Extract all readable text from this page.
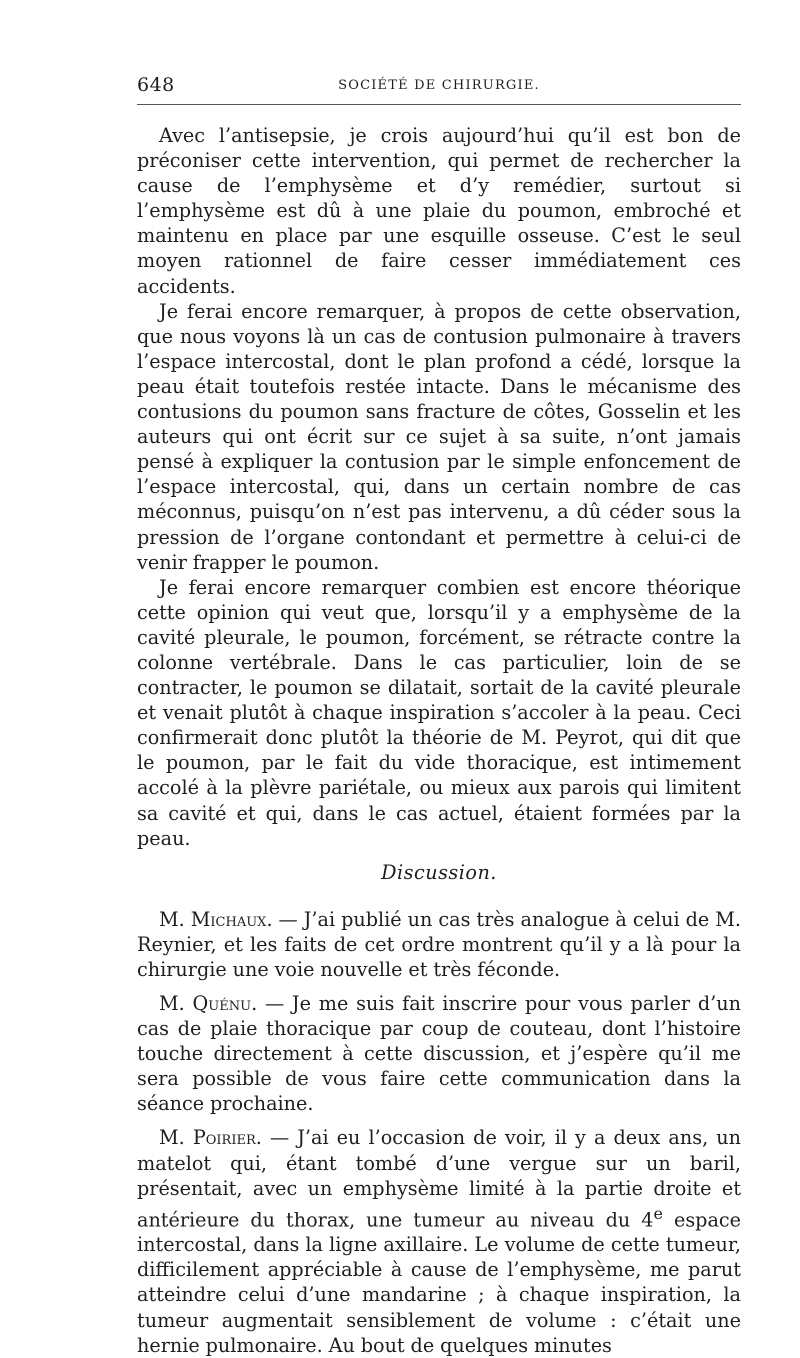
648	SOCIÉTÉ DE CHIRURGIE.

Avec l’antisepsie, je crois aujourd’hui qu’il est bon de préconiser cette intervention, qui permet de rechercher la cause de l’emphysème et d’y remédier, surtout si l’emphysème est dû à une plaie du poumon, embroché et maintenu en place par une esquille osseuse. C’est le seul moyen rationnel de faire cesser immédiatement ces accidents.

Je ferai encore remarquer, à propos de cette observation, que nous voyons là un cas de contusion pulmonaire à travers l’espace intercostal, dont le plan profond a cédé, lorsque la peau était toutefois restée intacte. Dans le mécanisme des contusions du poumon sans fracture de côtes, Gosselin et les auteurs qui ont écrit sur ce sujet à sa suite, n’ont jamais pensé à expliquer la contusion par le simple enfoncement de l’espace intercostal, qui, dans un certain nombre de cas méconnus, puisqu’on n’est pas intervenu, a dû céder sous la pression de l’organe contondant et permettre à celui-ci de venir frapper le poumon.

Je ferai encore remarquer combien est encore théorique cette opinion qui veut que, lorsqu’il y a emphysème de la cavité pleurale, le poumon, forcément, se rétracte contre la colonne vertébrale. Dans le cas particulier, loin de se contracter, le poumon se dilatait, sortait de la cavité pleurale et venait plutôt à chaque inspiration s’accoler à la peau. Ceci confirmerait donc plutôt la théorie de M. Peyrot, qui dit que le poumon, par le fait du vide thoracique, est intimement accolé à la plèvre pariétale, ou mieux aux parois qui limitent sa cavité et qui, dans le cas actuel, étaient formées par la peau.

Discussion.

M. Michaux. — J’ai publié un cas très analogue à celui de M. Reynier, et les faits de cet ordre montrent qu’il y a là pour la chirurgie une voie nouvelle et très féconde.

M. Quénu. — Je me suis fait inscrire pour vous parler d’un cas de plaie thoracique par coup de couteau, dont l’histoire touche directement à cette discussion, et j’espère qu’il me sera possible de vous faire cette communication dans la séance prochaine.

M. Poirier. — J’ai eu l’occasion de voir, il y a deux ans, un matelot qui, étant tombé d’une vergue sur un baril, présentait, avec un emphysème limité à la partie droite et antérieure du thorax, une tumeur au niveau du 4e espace intercostal, dans la ligne axillaire. Le volume de cette tumeur, difficilement appréciable à cause de l’emphysème, me parut atteindre celui d’une mandarine ; à chaque inspiration, la tumeur augmentait sensiblement de volume : c’était une hernie pulmonaire. Au bout de quelques minutes
